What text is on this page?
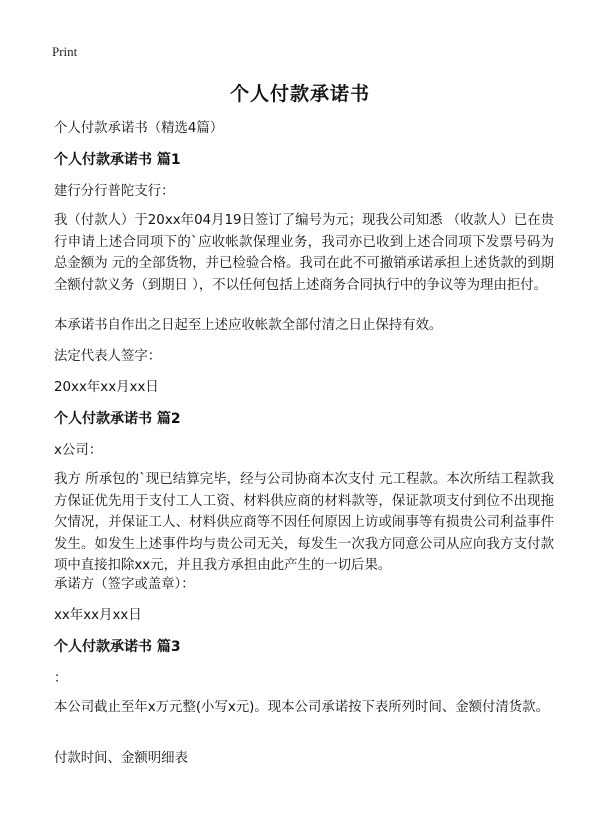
Print
个人付款承诺书
个人付款承诺书（精选4篇）
个人付款承诺书 篇1
建行分行普陀支行：
我（付款人）于20xx年04月19日签订了编号为元；现我公司知悉 （收款人）已在贵行申请上述合同项下的`应收帐款保理业务，我司亦已收到上述合同项下发票号码为 总金额为 元的全部货物，并已检验合格。我司在此不可撤销承诺承担上述货款的到期全额付款义务（到期日 ），不以任何包括上述商务合同执行中的争议等为理由拒付。
本承诺书自作出之日起至上述应收帐款全部付清之日止保持有效。
法定代表人签字：
20xx年xx月xx日
个人付款承诺书 篇2
x公司：
我方 所承包的`现已结算完毕，经与公司协商本次支付 元工程款。本次所结工程款我方保证优先用于支付工人工资、材料供应商的材料款等，保证款项支付到位不出现拖欠情况，并保证工人、材料供应商等不因任何原因上访或闹事等有损贵公司利益事件发生。如发生上述事件均与贵公司无关，每发生一次我方同意公司从应向我方支付款项中直接扣除xx元，并且我方承担由此产生的一切后果。
承诺方（签字或盖章）：
xx年xx月xx日
个人付款承诺书 篇3
：
本公司截止至年x万元整(小写x元)。现本公司承诺按下表所列时间、金额付清货款。
付款时间、金额明细表
